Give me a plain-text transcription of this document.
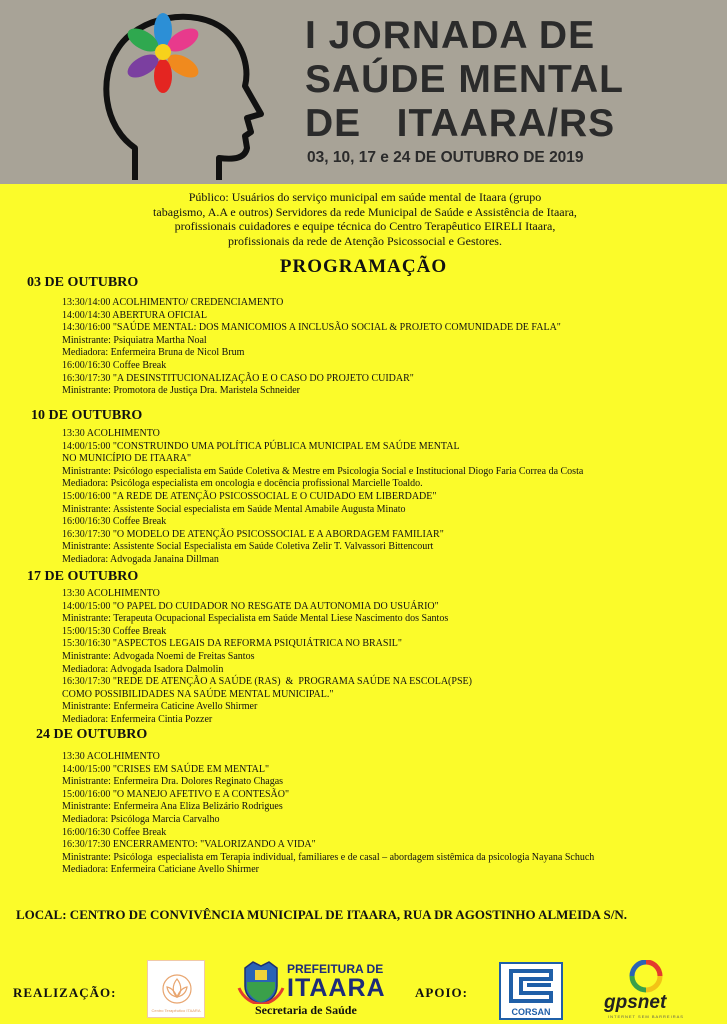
I JORNADA DE
SAÚDE MENTAL
DE   ITAARA/RS
03, 10, 17 e 24 DE OUTUBRO DE 2019
Público: Usuários do serviço municipal em saúde mental de Itaara (grupo
tabagismo, A.A e outros) Servidores da rede Municipal de Saúde e Assistência de Itaara,
profissionais cuidadores e equipe técnica do Centro Terapêutico EIRELI Itaara,
profissionais da rede de Atenção Psicossocial e Gestores.
PROGRAMAÇÃO
03 DE OUTUBRO
13:30/14:00 ACOLHIMENTO/ CREDENCIAMENTO
14:00/14:30 ABERTURA OFICIAL
14:30/16:00 "SAÚDE MENTAL: DOS MANICOMIOS A INCLUSÃO SOCIAL & PROJETO COMUNIDADE DE FALA"
Ministrante: Psiquiatra Martha Noal
Mediadora: Enfermeira Bruna de Nicol Brum
16:00/16:30 Coffee Break
16:30/17:30 "A DESINSTITUCIONALIZAÇÃO E O CASO DO PROJETO CUIDAR"
Ministrante: Promotora de Justiça Dra. Maristela Schneider
10 DE OUTUBRO
13:30 ACOLHIMENTO
14:00/15:00 "CONSTRUINDO UMA POLÍTICA PÚBLICA MUNICIPAL EM SAÚDE MENTAL
NO MUNICÍPIO DE ITAARA"
Ministrante: Psicólogo especialista em Saúde Coletiva & Mestre em Psicologia Social e Institucional Diogo Faria Correa da Costa
Mediadora: Psicóloga especialista em oncologia e docência profissional Marcielle Toaldo.
15:00/16:00 "A REDE DE ATENÇÃO PSICOSSOCIAL E O CUIDADO EM LIBERDADE"
Ministrante: Assistente Social especialista em Saúde Mental Amabile Augusta Minato
16:00/16:30 Coffee Break
16:30/17:30 "O MODELO DE ATENÇÃO PSICOSSOCIAL E A ABORDAGEM FAMILIAR"
Ministrante: Assistente Social Especialista em Saúde Coletiva Zelir T. Valvassori Bittencourt
Mediadora: Advogada Janaina Dillman
17 DE OUTUBRO
13:30 ACOLHIMENTO
14:00/15:00 "O PAPEL DO CUIDADOR NO RESGATE DA AUTONOMIA DO USUÁRIO"
Ministrante: Terapeuta Ocupacional Especialista em Saúde Mental Liese Nascimento dos Santos
15:00/15:30 Coffee Break
15:30/16:30 "ASPECTOS LEGAIS DA REFORMA PSIQUIÁTRICA NO BRASIL"
Ministrante: Advogada Noemi de Freitas Santos
Mediadora: Advogada Isadora Dalmolin
16:30/17:30 "REDE DE ATENÇÃO A SAÚDE (RAS)  &  PROGRAMA SAÚDE NA ESCOLA(PSE)
COMO POSSIBILIDADES NA SAÚDE MENTAL MUNICIPAL."
Ministrante: Enfermeira Caticine Avello Shirmer
Mediadora: Enfermeira Cintia Pozzer
24 DE OUTUBRO
13:30 ACOLHIMENTO
14:00/15:00 "CRISES EM SAÚDE EM MENTAL"
Ministrante: Enfermeira Dra. Dolores Reginato Chagas
15:00/16:00 "O MANEJO AFETIVO E A CONTESÃO"
Ministrante: Enfermeira Ana Eliza Belizário Rodrigues
Mediadora: Psicóloga Marcia Carvalho
16:00/16:30 Coffee Break
16:30/17:30 ENCERRAMENTO: "VALORIZANDO A VIDA"
Ministrante: Psicóloga  especialista em Terapia individual, familiares e de casal – abordagem sistêmica da psicologia Nayana Schuch
Mediadora: Enfermeira Caticiane Avello Shirmer
LOCAL: CENTRO DE CONVIVÊNCIA MUNICIPAL DE ITAARA, RUA DR AGOSTINHO ALMEIDA S/N.
REALIZAÇÃO:
Centro Terapêutico ITAARA
PREFEITURA DE
ITAARA
Secretaria de Saúde
APOIO:
CORSAN	gpsnet
INTERNET SEM BARREIRAS
